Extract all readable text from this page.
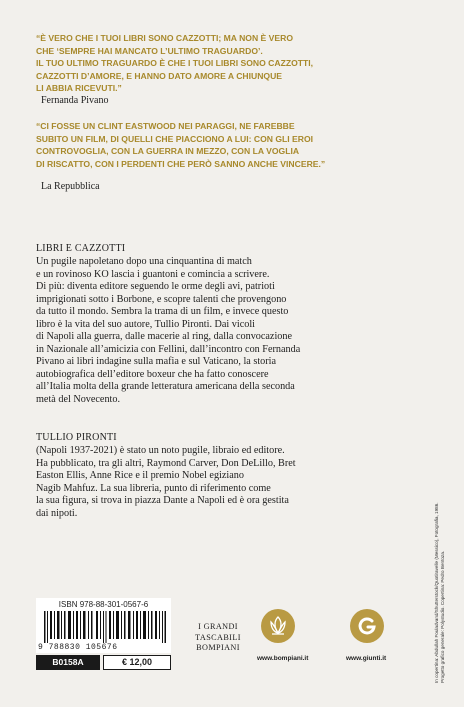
“È VERO CHE I TUOI LIBRI SONO CAZZOTTI; MA NON È VERO
CHE ‘SEMPRE HAI MANCATO L’ULTIMO TRAGUARDO’.
IL TUO ULTIMO TRAGUARDO È CHE I TUOI LIBRI SONO CAZZOTTI,
CAZZOTTI D’AMORE, E HANNO DATO AMORE A CHIUNQUE
LI ABBIA RICEVUTI.”
Fernanda Pivano
“CI FOSSE UN CLINT EASTWOOD NEI PARAGGI, NE FAREBBE
SUBITO UN FILM, DI QUELLI CHE PIACCIONO A LUI: CON GLI EROI
CONTROVOGLIA, CON LA GUERRA IN MEZZO, CON LA VOGLIA
DI RISCATTO, CON I PERDENTI CHE PERÒ SANNO ANCHE VINCERE.”
La Repubblica
LIBRI E CAZZOTTI
Un pugile napoletano dopo una cinquantina di match
e un rovinoso KO lascia i guantoni e comincia a scrivere.
Di più: diventa editore seguendo le orme degli avi, patrioti
imprigionati sotto i Borbone, e scopre talenti che provengono
da tutto il mondo. Sembra la trama di un film, e invece questo
libro è la vita del suo autore, Tullio Pironti. Dai vicoli
di Napoli alla guerra, dalle macerie al ring, dalla convocazione
in Nazionale all’amicizia con Fellini, dall’incontro con Fernanda
Pivano ai libri indagine sulla mafia e sul Vaticano, la storia
autobiografica dell’editore boxeur che ha fatto conoscere
all’Italia molta della grande letteratura americana della seconda
metà del Novecento.
TULLIO PIRONTI
(Napoli 1937-2021) è stato un noto pugile, libraio ed editore.
Ha pubblicato, tra gli altri, Raymond Carver, Don DeLillo, Bret
Easton Ellis, Anne Rice e il premio Nobel egiziano
Nagib Mahfuz. La sua libreria, punto di riferimento come
la sua figura, si trova in piazza Dante a Napoli ed è ora gestita
dai nipoti.
ISBN 978-88-301-0567-6
9 788830 105676
B0158A	€ 12,00
I GRANDI
TASCABILI
BOMPIANI
www.bompiani.it	www.giunti.it
In copertina: Abdullah Fouladvand/Shutterstock/Quotiravelle (Messico), Fotografia, 1986.
Progetto grafico generale: Polystudio. Copertina: Pedro Bentoza.
